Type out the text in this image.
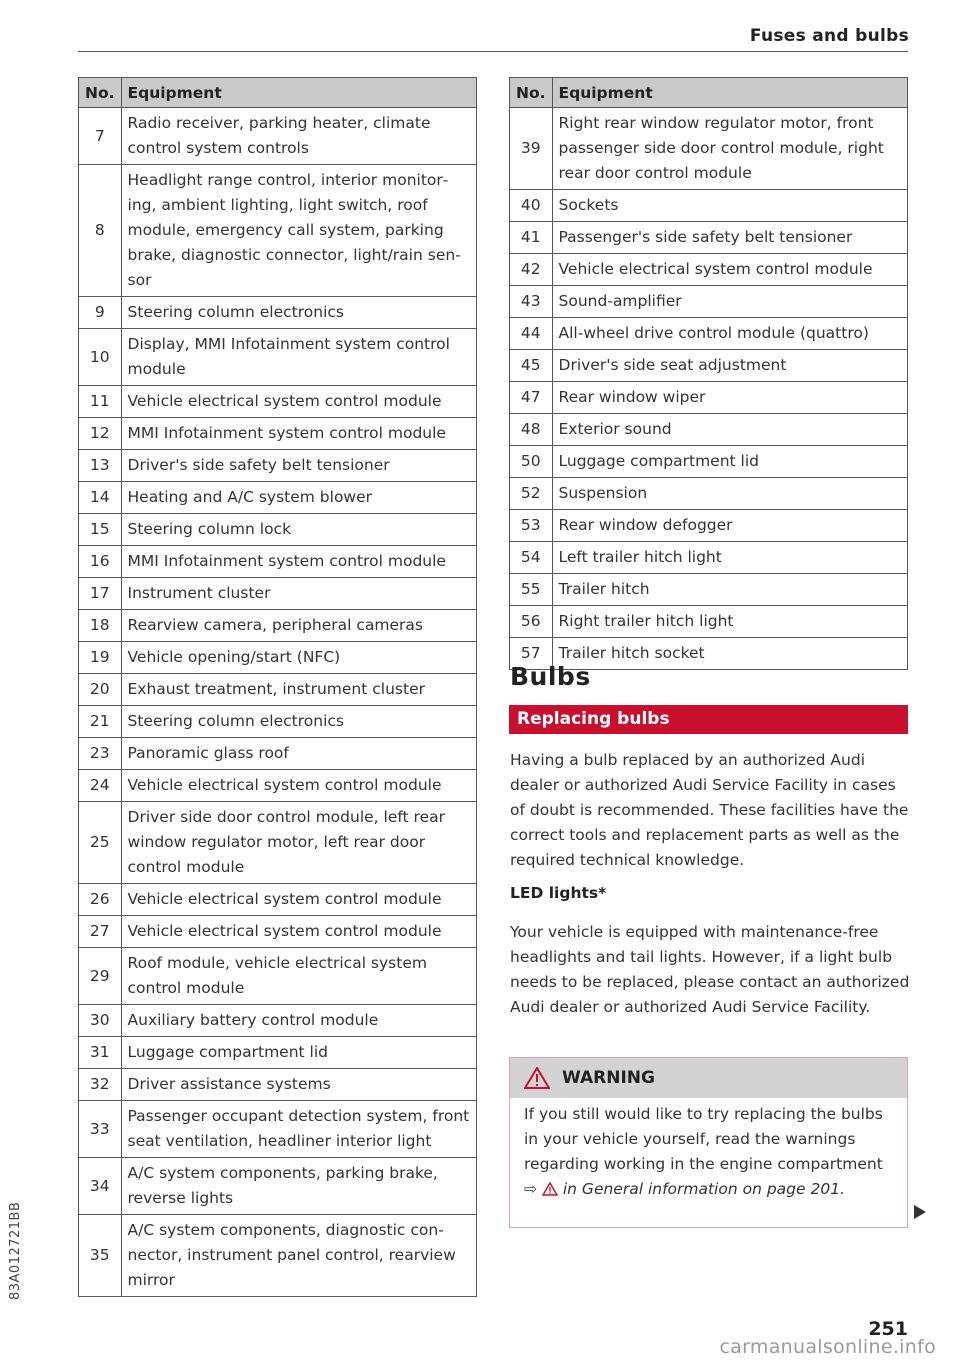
Fuses and bulbs
No.	Equipment
7	Radio receiver, parking heater, climate control system controls
8	Headlight range control, interior monitoring, ambient lighting, light switch, roof module, emergency call system, parking brake, diagnostic connector, light/rain sensor
9	Steering column electronics
10	Display, MMI Infotainment system control module
11	Vehicle electrical system control module
12	MMI Infotainment system control module
13	Driver's side safety belt tensioner
14	Heating and A/C system blower
15	Steering column lock
16	MMI Infotainment system control module
17	Instrument cluster
18	Rearview camera, peripheral cameras
19	Vehicle opening/start (NFC)
20	Exhaust treatment, instrument cluster
21	Steering column electronics
23	Panoramic glass roof
24	Vehicle electrical system control module
25	Driver side door control module, left rear window regulator motor, left rear door control module
26	Vehicle electrical system control module
27	Vehicle electrical system control module
29	Roof module, vehicle electrical system control module
30	Auxiliary battery control module
31	Luggage compartment lid
32	Driver assistance systems
33	Passenger occupant detection system, front seat ventilation, headliner interior light
34	A/C system components, parking brake, reverse lights
35	A/C system components, diagnostic connector, instrument panel control, rearview mirror
No.	Equipment
39	Right rear window regulator motor, front passenger side door control module, right rear door control module
40	Sockets
41	Passenger's side safety belt tensioner
42	Vehicle electrical system control module
43	Sound-amplifier
44	All-wheel drive control module (quattro)
45	Driver's side seat adjustment
47	Rear window wiper
48	Exterior sound
50	Luggage compartment lid
52	Suspension
53	Rear window defogger
54	Left trailer hitch light
55	Trailer hitch
56	Right trailer hitch light
57	Trailer hitch socket
Bulbs
Replacing bulbs

Having a bulb replaced by an authorized Audi dealer or authorized Audi Service Facility in cases of doubt is recommended. These facilities have the correct tools and replacement parts as well as the required technical knowledge.

LED lights*

Your vehicle is equipped with maintenance-free headlights and tail lights. However, if a light bulb needs to be replaced, please contact an authorized Audi dealer or authorized Audi Service Facility.

WARNING
If you still would like to try replacing the bulbs in your vehicle yourself, read the warnings regarding working in the engine compartment ⇨ in General information on page 201.
83A012721BB
251
carmanualsonline.info
